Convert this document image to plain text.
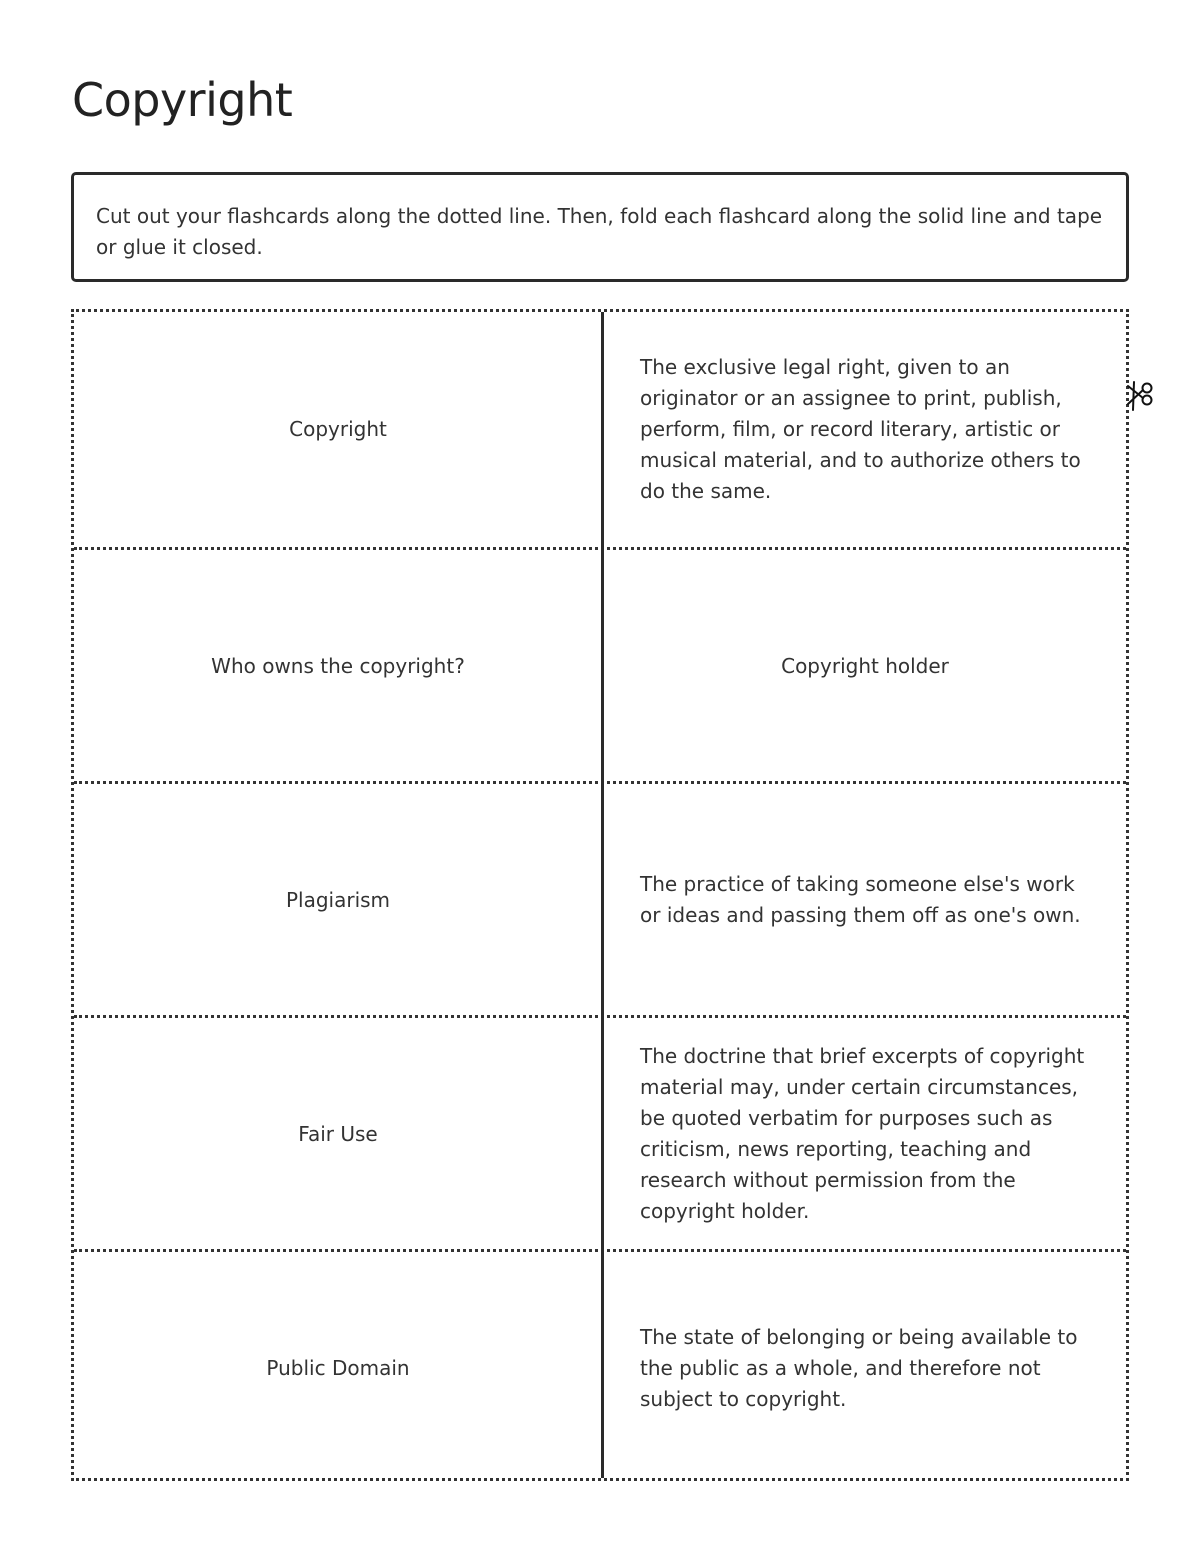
Copyright
Cut out your flashcards along the dotted line. Then, fold each flashcard along the solid line and tape or glue it closed.
Copyright
The exclusive legal right, given to an originator or an assignee to print, publish, perform, film, or record literary, artistic or musical material, and to authorize others to do the same.
Who owns the copyright?	Copyright holder
Plagiarism
The practice of taking someone else's work or ideas and passing them off as one's own.
Fair Use
The doctrine that brief excerpts of copyright material may, under certain circumstances, be quoted verbatim for purposes such as criticism, news reporting, teaching and research without permission from the copyright holder.
Public Domain
The state of belonging or being available to the public as a whole, and therefore not subject to copyright.
